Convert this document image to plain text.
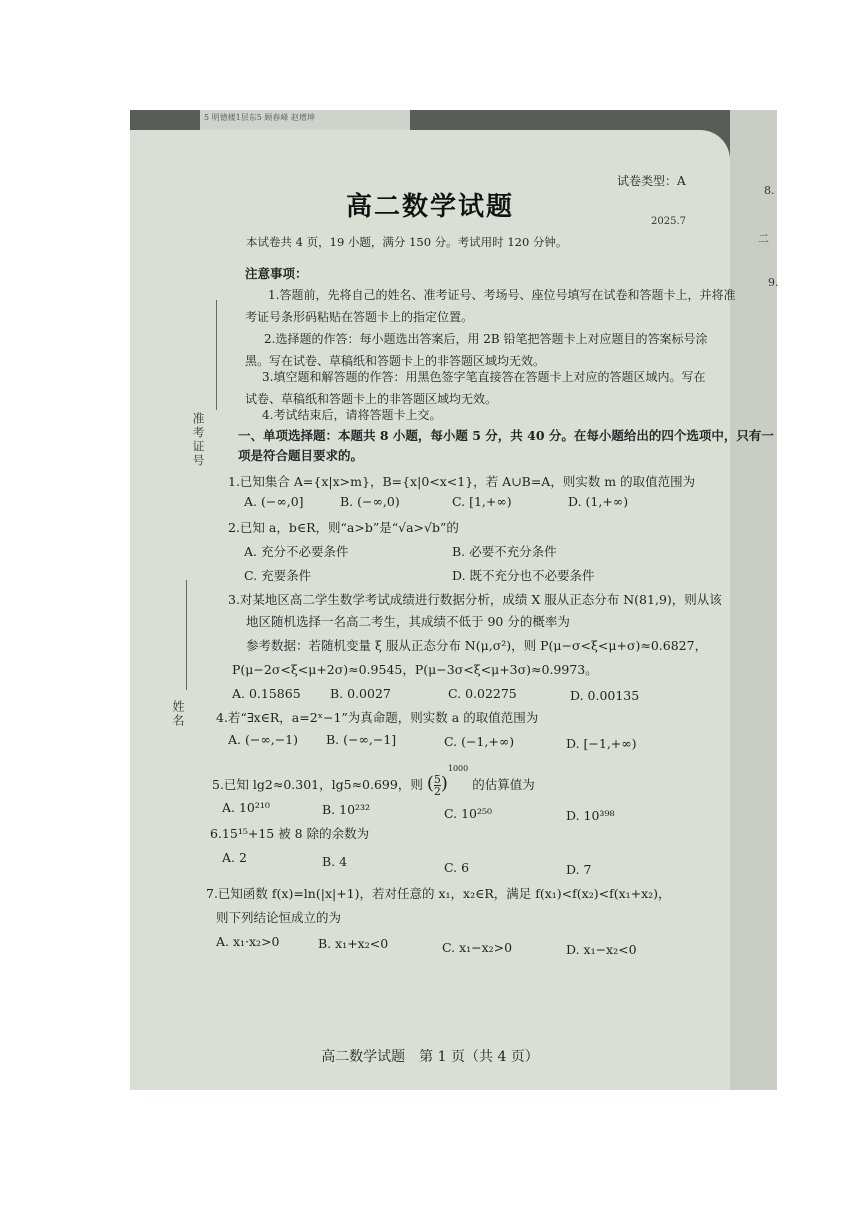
5 明德楼1层东5 顾春峰 赵增坤
8.
二
9.
试卷类型：A
高二数学试题	2025.7
本试卷共 4 页，19 小题，满分 150 分。考试用时 120 分钟。
注意事项：
1.答题前，先将自己的姓名、准考证号、考场号、座位号填写在试卷和答题卡上，并将准
考证号条形码粘贴在答题卡上的指定位置。
2.选择题的作答：每小题选出答案后，用 2B 铅笔把答题卡上对应题目的答案标号涂
黑。写在试卷、草稿纸和答题卡上的非答题区域均无效。
3.填空题和解答题的作答：用黑色签字笔直接答在答题卡上对应的答题区域内。写在
试卷、草稿纸和答题卡上的非答题区域均无效。
4.考试结束后，请将答题卡上交。
准考证号
姓名
一、单项选择题：本题共 8 小题，每小题 5 分，共 40 分。在每小题给出的四个选项中，只有一
项是符合题目要求的。
1.已知集合 A={x|x>m}，B={x|0<x<1}，若 A∪B=A，则实数 m 的取值范围为
A. (−∞,0]	B. (−∞,0)	C. [1,+∞)	D. (1,+∞)
2.已知 a，b∈R，则“a>b”是“√a>√b”的
A. 充分不必要条件	B. 必要不充分条件
C. 充要条件	D. 既不充分也不必要条件
3.对某地区高二学生数学考试成绩进行数据分析，成绩 X 服从正态分布 N(81,9)，则从该
地区随机选择一名高二考生，其成绩不低于 90 分的概率为
参考数据：若随机变量 ξ 服从正态分布 N(μ,σ²)，则 P(μ−σ<ξ<μ+σ)≈0.6827，
P(μ−2σ<ξ<μ+2σ)≈0.9545，P(μ−3σ<ξ<μ+3σ)≈0.9973。
A. 0.15865 B. 0.0027	C. 0.02275	D. 0.00135
4.若“∃x∈R，a=2ˣ−1”为真命题，则实数 a 的取值范围为
A. (−∞,−1) B. (−∞,−1]	C. (−1,+∞)	D. [−1,+∞)
5.已知 lg2≈0.301，lg5≈0.699，则 ( $\frac{5}{2} )^{1000}$ 的估算值为
A. 10²¹⁰	B. 10²³²	C. 10²⁵⁰	D. 10³⁹⁸
6.15¹⁵+15 被 8 除的余数为
A. 2	B. 4	C. 6	D. 7
7.已知函数 f(x)=ln(|x|+1)，若对任意的 x₁，x₂∈R，满足 f(x₁)<f(x₂)<f(x₁+x₂)，
则下列结论恒成立的为
A. x₁·x₂>0	B. x₁+x₂<0	C. x₁−x₂>0	D. x₁−x₂<0
高二数学试题　第 1 页（共 4 页）
